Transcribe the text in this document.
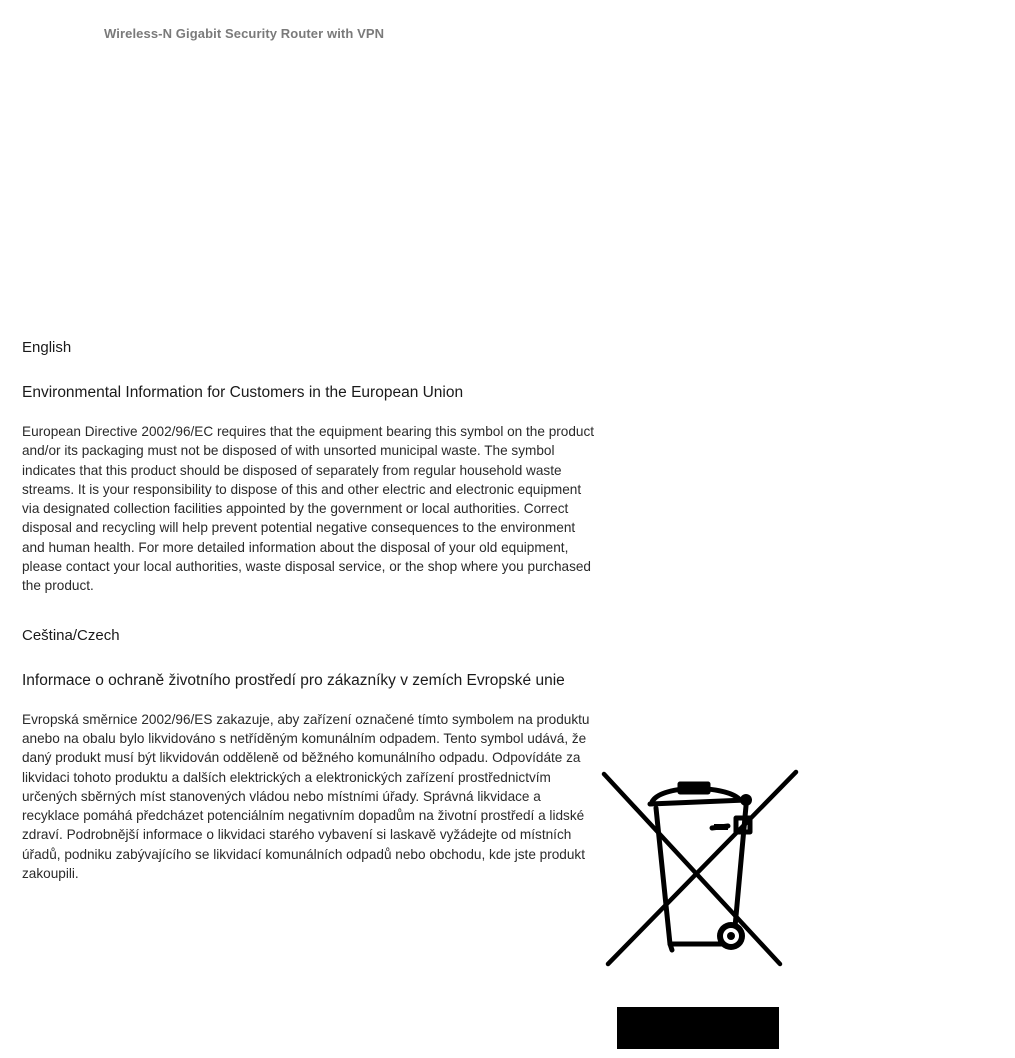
Wireless-N Gigabit Security Router with VPN
English
Environmental Information for Customers in the European Union

European Directive 2002/96/EC requires that the equipment bearing this symbol on the product and/or its packaging must not be disposed of with unsorted municipal waste. The symbol indicates that this product should be disposed of separately from regular household waste streams. It is your responsibility to dispose of this and other electric and electronic equipment via designated collection facilities appointed by the government or local authorities. Correct disposal and recycling will help prevent potential negative consequences to the environment and human health. For more detailed information about the disposal of your old equipment, please contact your local authorities, waste disposal service, or the shop where you purchased the product.

Ceština/Czech
Informace o ochraně životního prostředí pro zákazníky v zemích Evropské unie

Evropská směrnice 2002/96/ES zakazuje, aby zařízení označené tímto symbolem na produktu anebo na obalu bylo likvidováno s netříděným komunálním odpadem. Tento symbol udává, že daný produkt musí být likvidován odděleně od běžného komunálního odpadu. Odpovídáte za likvidaci tohoto produktu a dalších elektrických a elektronických zařízení prostřednictvím určených sběrných míst stanovených vládou nebo místními úřady. Správná likvidace a recyklace pomáhá předcházet potenciálním negativním dopadům na životní prostředí a lidské zdraví. Podrobnější informace o likvidaci starého vybavení si laskavě vyžádejte od místních úřadů, podniku zabývajícího se likvidací komunálních odpadů nebo obchodu, kde jste produkt zakoupili.
